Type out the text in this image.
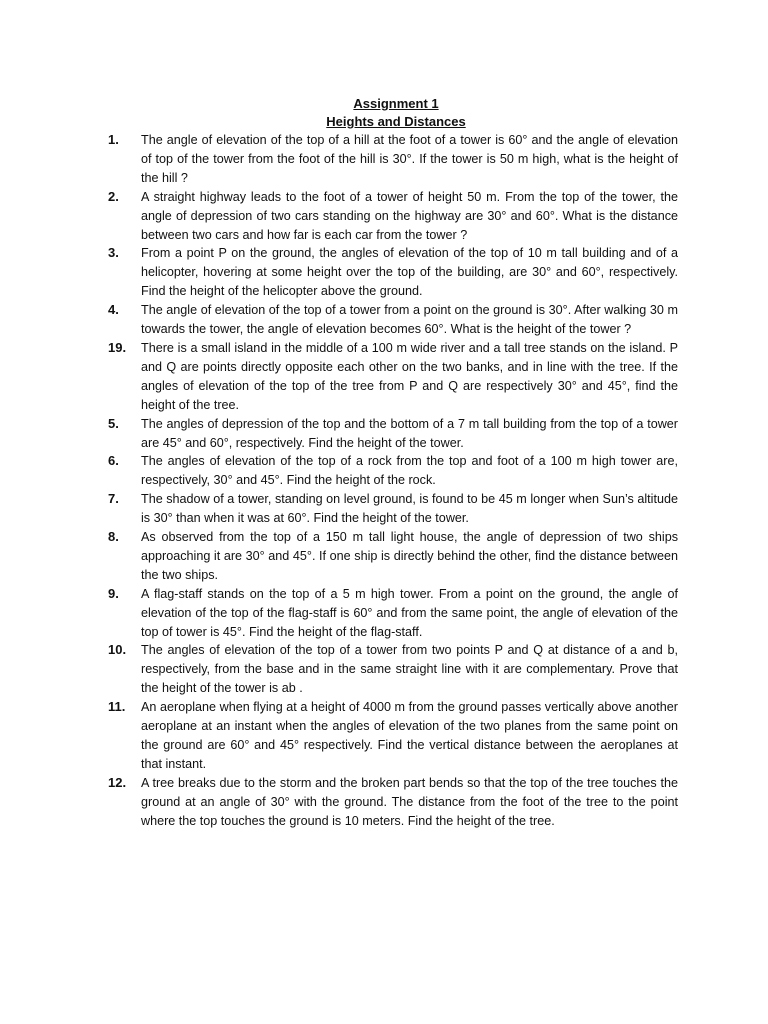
Assignment 1
Heights and Distances
1.	The angle of elevation of the top of a hill at the foot of a tower is 60° and the angle of elevation of top of the tower from the foot of the hill is 30°. If the tower is 50 m high, what is the height of the hill ?
2.	A straight highway leads to the foot of a tower of height 50 m. From the top of the tower, the angle of depression of two cars standing on the highway are 30° and 60°. What is the distance between two cars and how far is each car from the tower ?
3.	From a point P on the ground, the angles of elevation of the top of 10 m tall building and of a helicopter, hovering at some height over the top of the building, are 30° and 60°, respectively. Find the height of the helicopter above the ground.
4.	The angle of elevation of the top of a tower from a point on the ground is 30°. After walking 30 m towards the tower, the angle of elevation becomes 60°. What is the height of the tower ?
19.	There is a small island in the middle of a 100 m wide river and a tall tree stands on the island. P and Q are points directly opposite each other on the two banks, and in line with the tree. If the angles of elevation of the top of the tree from P and Q are respectively 30° and 45°, find the height of the tree.
5.	The angles of depression of the top and the bottom of a 7 m tall building from the top of a tower are 45° and 60°, respectively. Find the height of the tower.
6.	The angles of elevation of the top of a rock from the top and foot of a 100 m high tower are, respectively, 30° and 45°. Find the height of the rock.
7.	The shadow of a tower, standing on level ground, is found to be 45 m longer when Sun’s altitude is 30° than when it was at 60°. Find the height of the tower.
8.	As observed from the top of a 150 m tall light house, the angle of depression of two ships approaching it are 30° and 45°. If one ship is directly behind the other, find the distance between the two ships.
9.	A flag-staff stands on the top of a 5 m high tower. From a point on the ground, the angle of elevation of the top of the flag-staff is 60° and from the same point, the angle of elevation of the top of tower is 45°. Find the height of the flag-staff.
10.	The angles of elevation of the top of a tower from two points P and Q at distance of a and b, respectively, from the base and in the same straight line with it are complementary. Prove that the height of the tower is ab .
11.	An aeroplane when flying at a height of 4000 m from the ground passes vertically above another aeroplane at an instant when the angles of elevation of the two planes from the same point on the ground are 60° and 45° respectively. Find the vertical distance between the aeroplanes at that instant.
12.	A tree breaks due to the storm and the broken part bends so that the top of the tree touches the ground at an angle of 30° with the ground. The distance from the foot of the tree to the point where the top touches the ground is 10 meters. Find the height of the tree.
